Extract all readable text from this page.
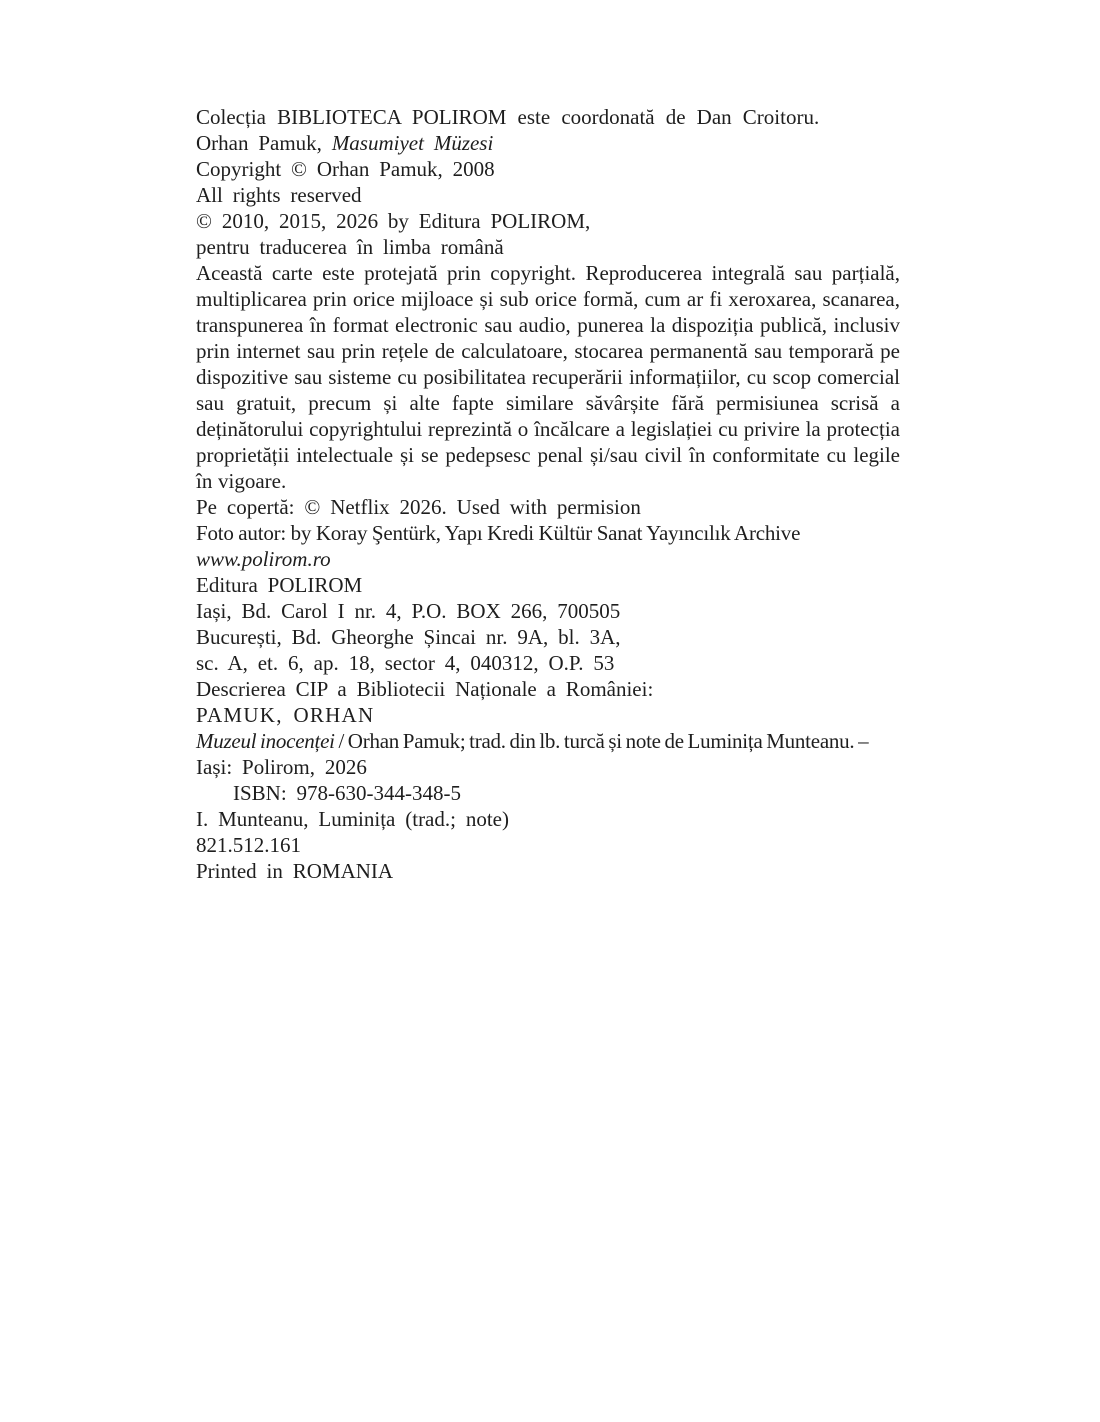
Colecția BIBLIOTECA POLIROM este coordonată de Dan Croitoru.

Orhan Pamuk, Masumiyet Müzesi

Copyright © Orhan Pamuk, 2008

All rights reserved

© 2010, 2015, 2026 by Editura POLIROM,

pentru traducerea în limba română

Această carte este protejată prin copyright. Reproducerea integrală sau parțială, multiplicarea prin orice mijloace și sub orice formă, cum ar fi xeroxarea, scanarea, transpunerea în format electronic sau audio, punerea la dispoziția publică, inclusiv prin internet sau prin rețele de calculatoare, stocarea permanentă sau temporară pe dispozitive sau sisteme cu posibilitatea recuperării informațiilor, cu scop comercial sau gratuit, precum și alte fapte similare săvârșite fără permisiunea scrisă a deținătorului copyrightului reprezintă o încălcare a legislației cu privire la protecția proprietății intelectuale și se pedepsesc penal și/sau civil în conformitate cu legile în vigoare.

Pe copertă: © Netflix 2026. Used with permision

Foto autor: by Koray Şentürk, Yapı Kredi Kültür Sanat Yayıncılık Archive

www.polirom.ro

Editura POLIROM

Iași, Bd. Carol I nr. 4, P.O. BOX 266, 700505

București, Bd. Gheorghe Șincai nr. 9A, bl. 3A,

sc. A, et. 6, ap. 18, sector 4, 040312, O.P. 53

Descrierea CIP a Bibliotecii Naționale a României:

PAMUK, ORHAN

Muzeul inocenței / Orhan Pamuk; trad. din lb. turcă și note de Luminița Munteanu. –

Iași: Polirom, 2026

ISBN: 978-630-344-348-5

I. Munteanu, Luminița (trad.; note)

821.512.161

Printed in ROMANIA
